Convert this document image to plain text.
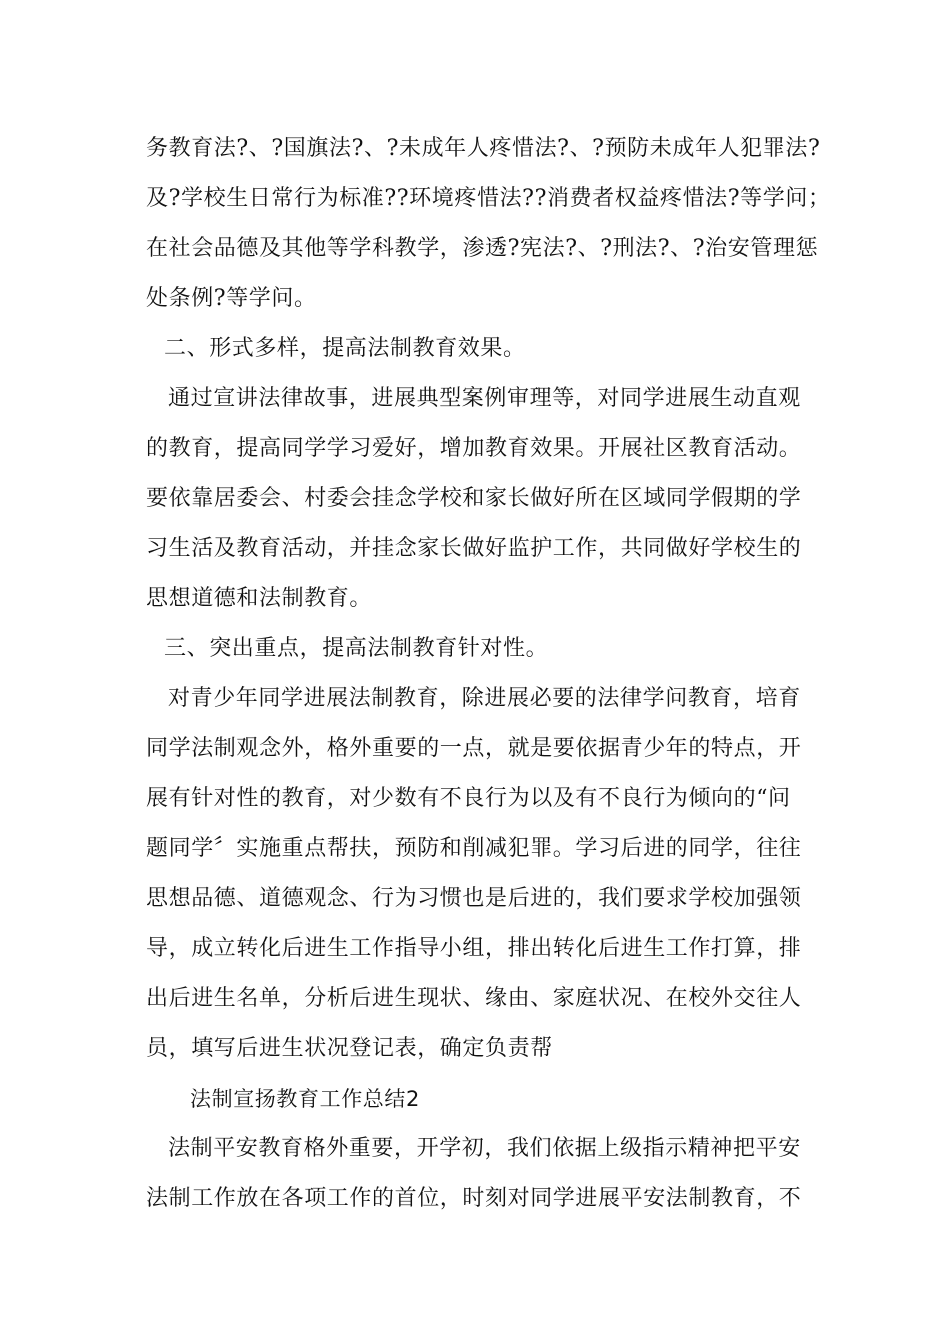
务教育法?、?国旗法?、?未成年人疼惜法?、?预防未成年人犯罪法?
及?学校生日常行为标准??环境疼惜法??消费者权益疼惜法?等学问；
在社会品德及其他等学科教学，渗透?宪法?、?刑法?、?治安管理惩
处条例?等学问。
二、形式多样，提高法制教育效果。
通过宣讲法律故事，进展典型案例审理等，对同学进展生动直观
的教育，提高同学学习爱好，增加教育效果。开展社区教育活动。
要依靠居委会、村委会挂念学校和家长做好所在区域同学假期的学
习生活及教育活动，并挂念家长做好监护工作，共同做好学校生的
思想道德和法制教育。
三、突出重点，提高法制教育针对性。
对青少年同学进展法制教育，除进展必要的法律学问教育，培育
同学法制观念外，格外重要的一点，就是要依据青少年的特点，开
展有针对性的教育，对少数有不良行为以及有不良行为倾向的“问
题同学〞实施重点帮扶，预防和削减犯罪。学习后进的同学，往往
思想品德、道德观念、行为习惯也是后进的，我们要求学校加强领
导，成立转化后进生工作指导小组，排出转化后进生工作打算，排
出后进生名单，分析后进生现状、缘由、家庭状况、在校外交往人
员，填写后进生状况登记表，确定负责帮
法制宣扬教育工作总结2
法制平安教育格外重要，开学初，我们依据上级指示精神把平安
法制工作放在各项工作的首位，时刻对同学进展平安法制教育，不
